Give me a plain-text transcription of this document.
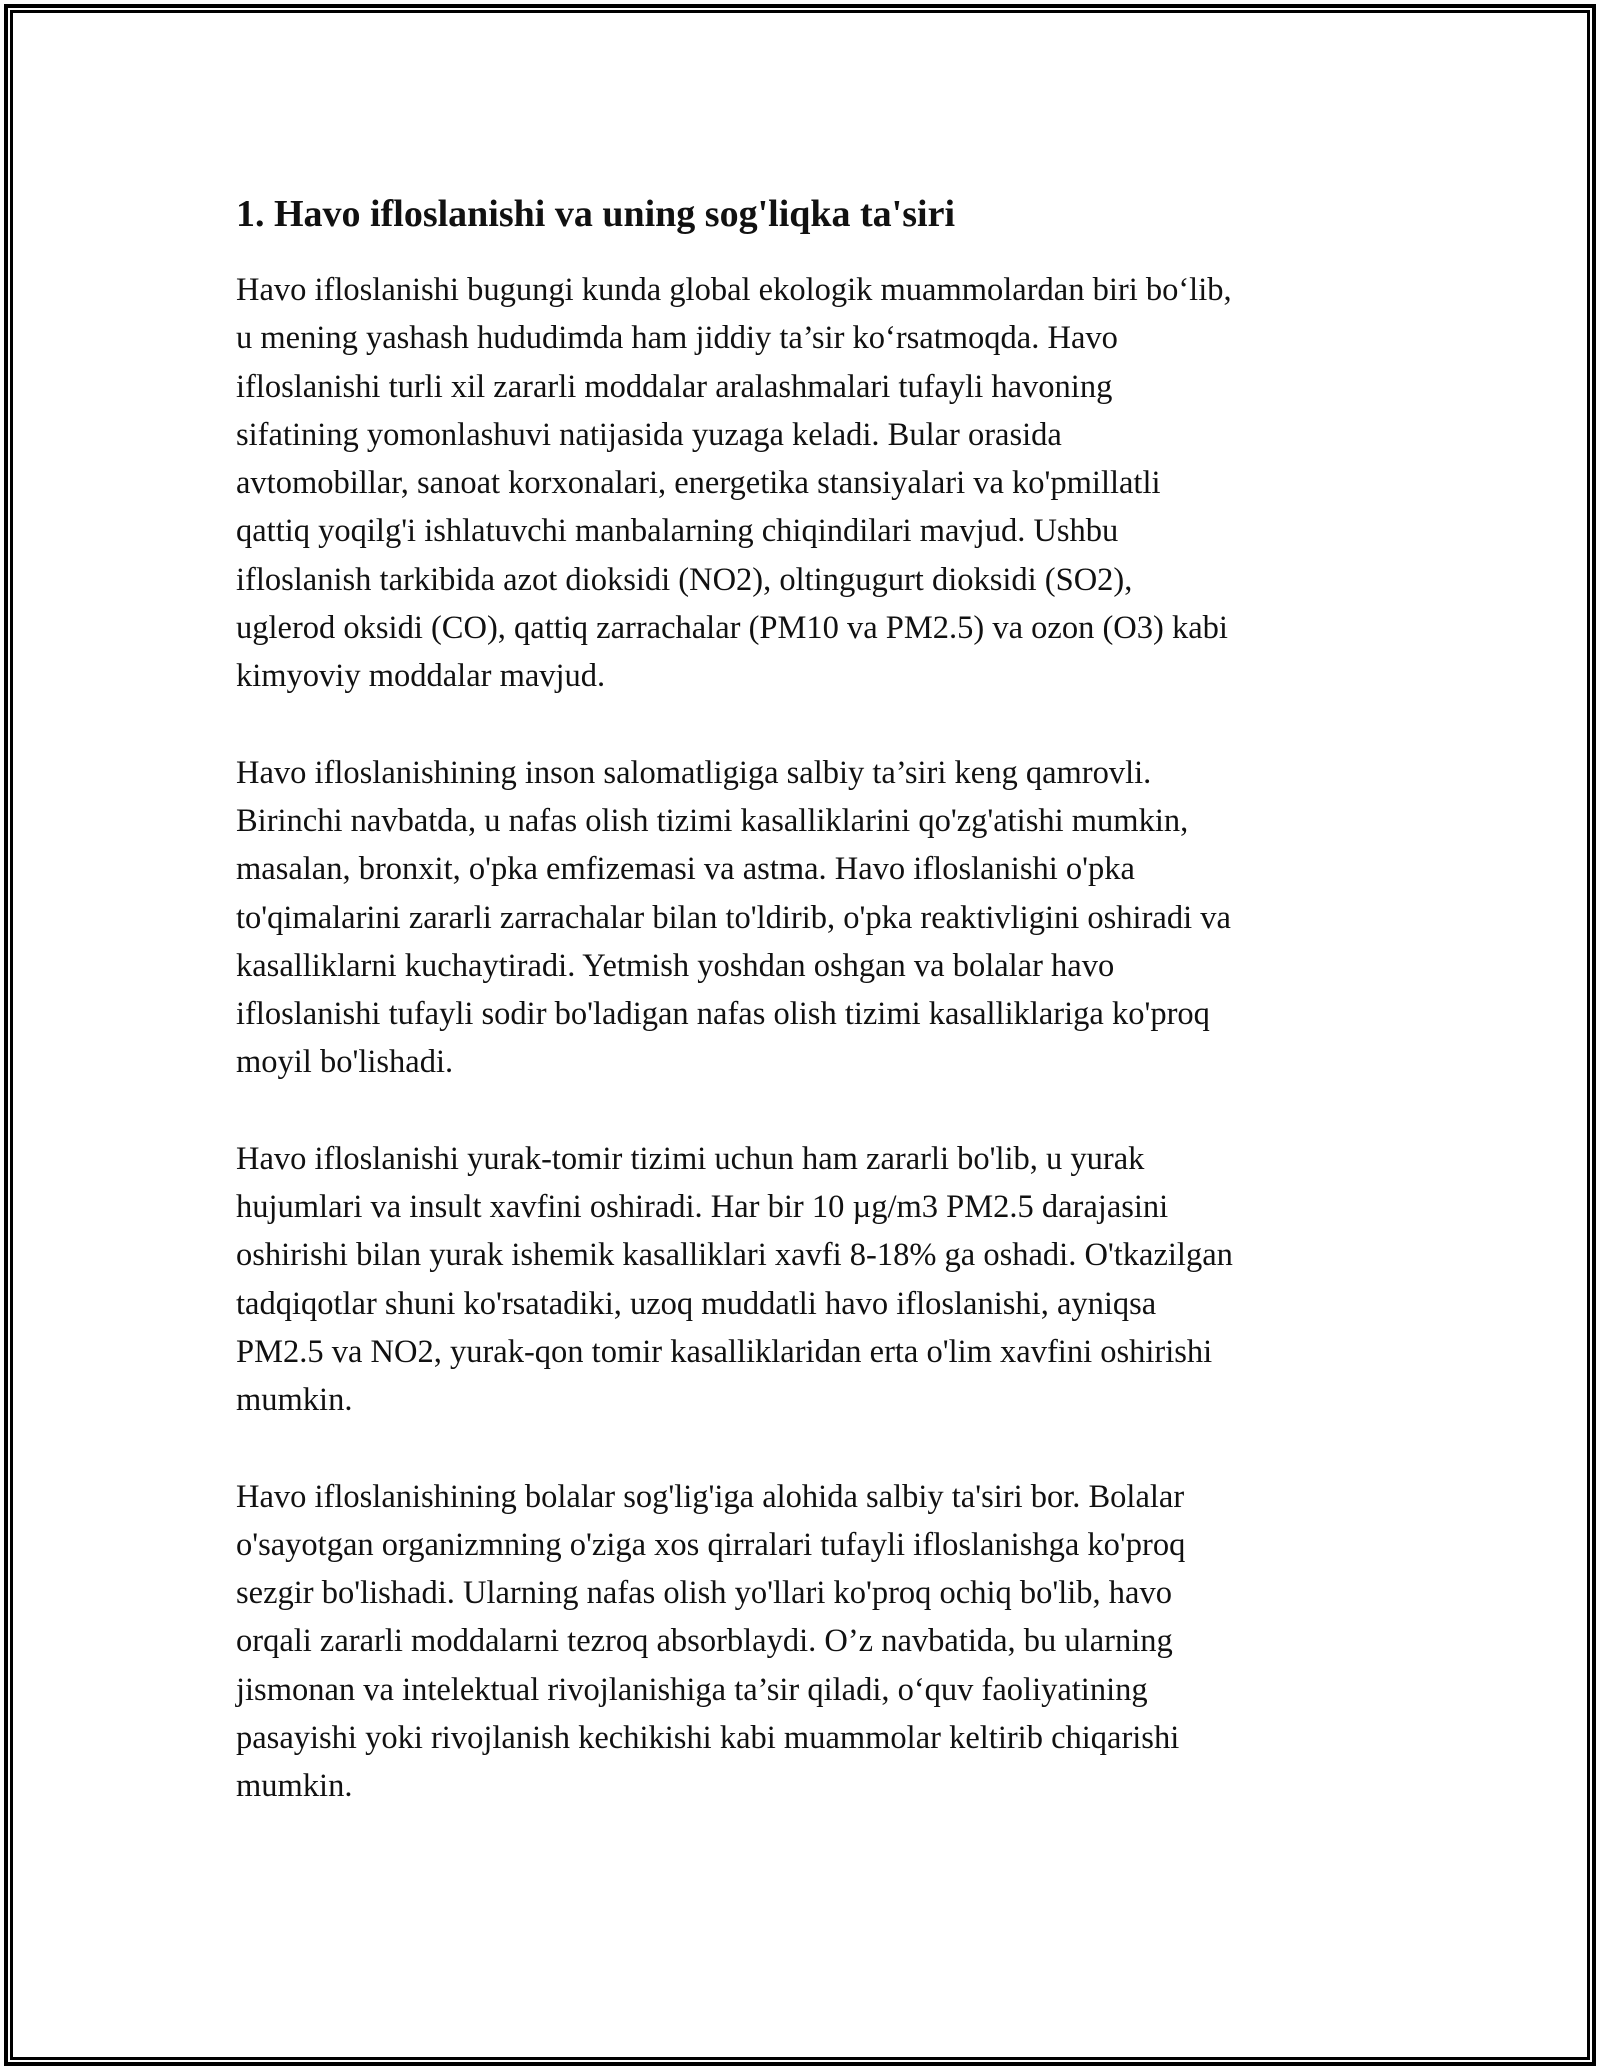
1. Havo ifloslanishi va uning sog'liqka ta'siri

Havo ifloslanishi bugungi kunda global ekologik muammolardan biri bo‘lib,
u mening yashash hududimda ham jiddiy ta’sir ko‘rsatmoqda. Havo
ifloslanishi turli xil zararli moddalar aralashmalari tufayli havoning
sifatining yomonlashuvi natijasida yuzaga keladi. Bular orasida
avtomobillar, sanoat korxonalari, energetika stansiyalari va ko'pmillatli
qattiq yoqilg'i ishlatuvchi manbalarning chiqindilari mavjud. Ushbu
ifloslanish tarkibida azot dioksidi (NO2), oltingugurt dioksidi (SO2),
uglerod oksidi (CO), qattiq zarrachalar (PM10 va PM2.5) va ozon (O3) kabi
kimyoviy moddalar mavjud.

Havo ifloslanishining inson salomatligiga salbiy ta’siri keng qamrovli.
Birinchi navbatda, u nafas olish tizimi kasalliklarini qo'zg'atishi mumkin,
masalan, bronxit, o'pka emfizemasi va astma. Havo ifloslanishi o'pka
to'qimalarini zararli zarrachalar bilan to'ldirib, o'pka reaktivligini oshiradi va
kasalliklarni kuchaytiradi. Yetmish yoshdan oshgan va bolalar havo
ifloslanishi tufayli sodir bo'ladigan nafas olish tizimi kasalliklariga ko'proq
moyil bo'lishadi.

Havo ifloslanishi yurak-tomir tizimi uchun ham zararli bo'lib, u yurak
hujumlari va insult xavfini oshiradi. Har bir 10 µg/m3 PM2.5 darajasini
oshirishi bilan yurak ishemik kasalliklari xavfi 8-18% ga oshadi. O'tkazilgan
tadqiqotlar shuni ko'rsatadiki, uzoq muddatli havo ifloslanishi, ayniqsa
PM2.5 va NO2, yurak-qon tomir kasalliklaridan erta o'lim xavfini oshirishi
mumkin.

Havo ifloslanishining bolalar sog'lig'iga alohida salbiy ta'siri bor. Bolalar
o'sayotgan organizmning o'ziga xos qirralari tufayli ifloslanishga ko'proq
sezgir bo'lishadi. Ularning nafas olish yo'llari ko'proq ochiq bo'lib, havo
orqali zararli moddalarni tezroq absorblaydi. O’z navbatida, bu ularning
jismonan va intelektual rivojlanishiga ta’sir qiladi, o‘quv faoliyatining
pasayishi yoki rivojlanish kechikishi kabi muammolar keltirib chiqarishi
mumkin.
